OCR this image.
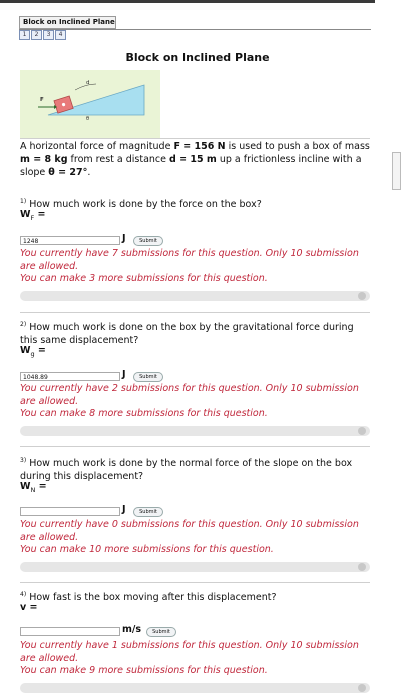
Block on Inclined Plane
1	2	3	4
Block on Inclined Plane
F
d
θ
A horizontal force of magnitude F = 156 N is used to push a box of mass m = 8 kg from rest a distance d = 15 m up a frictionless incline with a slope θ = 27°.
$^{1)}$ How much work is done by the force on the box?
$W_F$ =
1248	J	Submit
You currently have 7 submissions for this question. Only 10 submission are allowed.
You can make 3 more submissions for this question.
$^{2)}$ How much work is done on the box by the gravitational force during this same displacement?
$W_g$ =
1048.89	J	Submit
You currently have 2 submissions for this question. Only 10 submission are allowed.
You can make 8 more submissions for this question.
$^{3)}$ How much work is done by the normal force of the slope on the box during this displacement?
$W_N$ =
J	Submit
You currently have 0 submissions for this question. Only 10 submission are allowed.
You can make 10 more submissions for this question.
$^{4)}$ How fast is the box moving after this displacement?
v =
m/s	Submit
You currently have 1 submissions for this question. Only 10 submission are allowed.
You can make 9 more submissions for this question.
